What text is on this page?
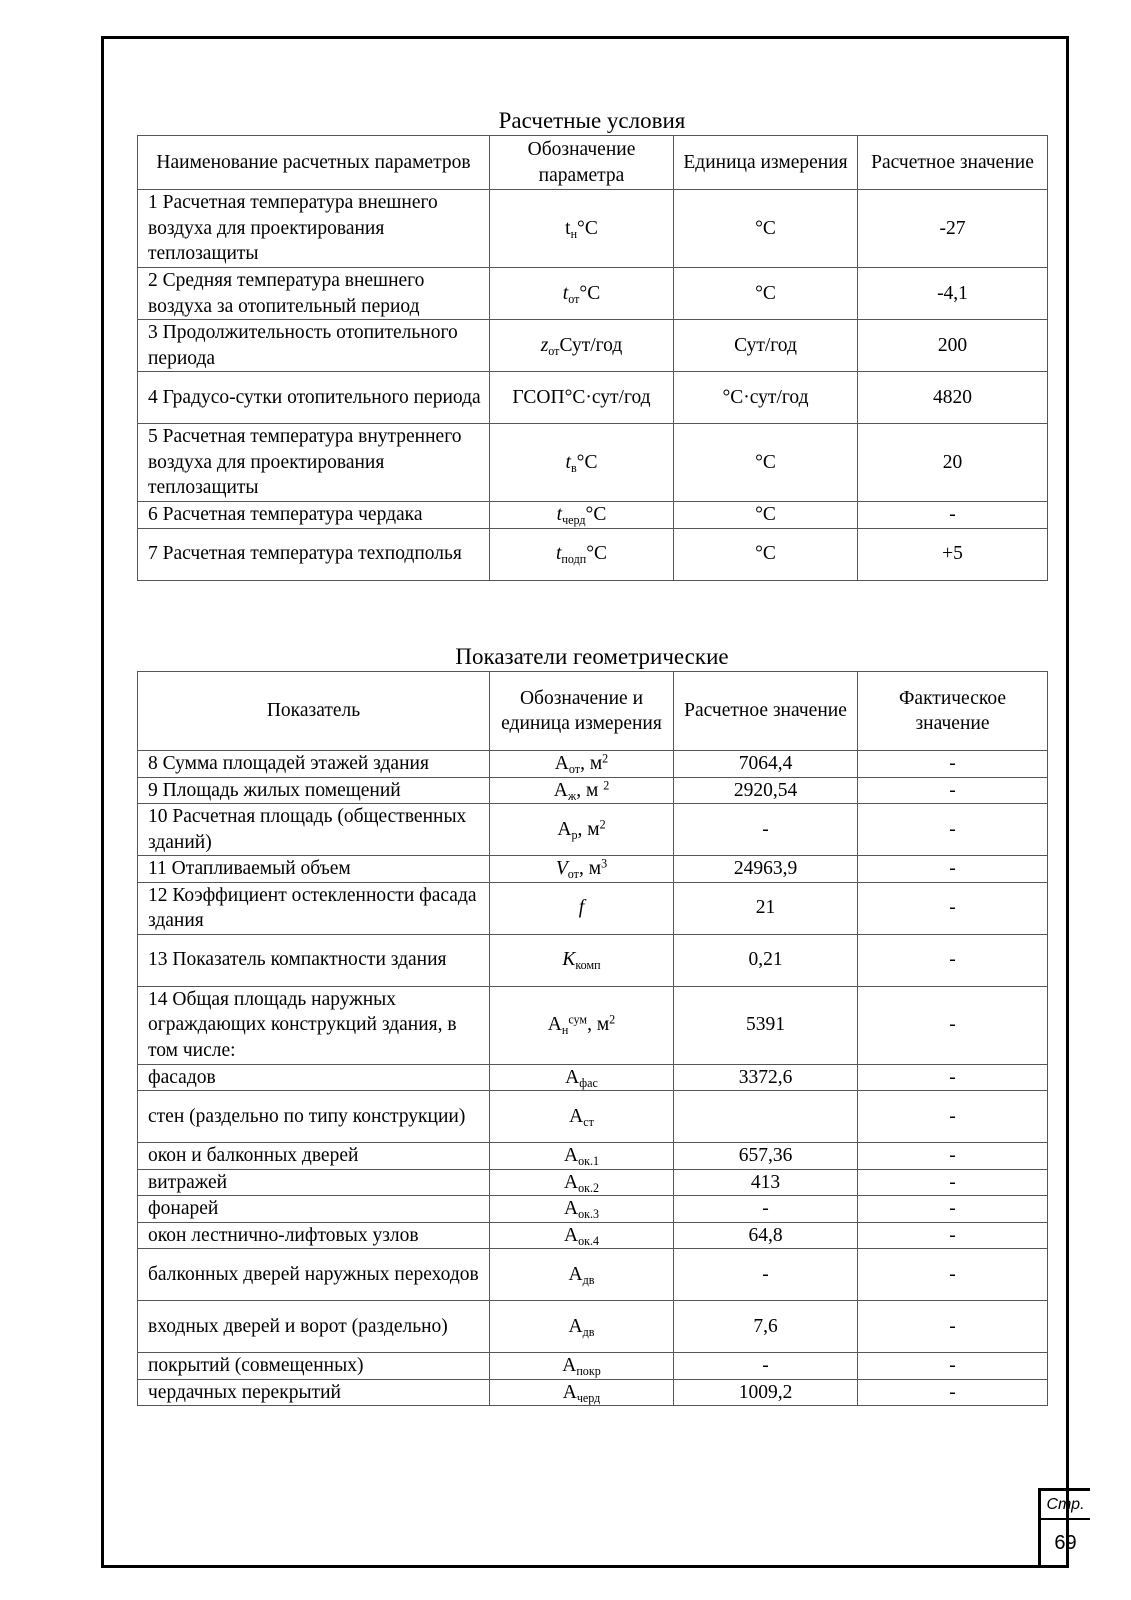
Расчетные условия
Наименование расчетных параметров	Обозначение параметра	Единица измерения	Расчетное значение
1 Расчетная температура внешнего воздуха для проектирования теплозащиты	$t_н^\circ С$	°С	-27
2 Средняя температура внешнего воздуха за отопительный период	$t_{от}^\circ С$	°С	-4,1
3 Продолжительность отопительного периода	$z_{от}Сут$/год	Сут/год	200
4 Градусо-сутки отопительного периода	ГСОП°С·сут/год	°С·сут/год	4820
5 Расчетная температура внутреннего воздуха для проектирования теплозащиты	$t_в^\circ С$	°С	20
6 Расчетная температура чердака	$t_{черд}^\circ С$	°С	-
7 Расчетная температура техподполья	$t_{подп}^\circ С$	°С	+5
Показатели геометрические
Показатель	Обозначение и единица измерения	Расчетное значение	Фактическое значение
8 Сумма площадей этажей здания	$А_{от}$, $м^2$	7064,4	-
9 Площадь жилых помещений	$А_ж$, м $^2$	2920,54	-
10 Расчетная площадь (общественных зданий)	$А_р$, $м^2$	-	-
11 Отапливаемый объем	$V_{от}$, $м^3$	24963,9	-
12 Коэффициент остекленности фасада здания	f	21	-
13 Показатель компактности здания	$K_{комп}$	0,21	-
14 Общая площадь наружных ограждающих конструкций здания, в том числе:	$А_н^{сум}$, $м^2$	5391	-
фасадов	$А_{фас}$	3372,6	-
стен (раздельно по типу конструкции)	$А_{ст}$		-
окон и балконных дверей	$А_{ок.1}$	657,36	-
витражей	$А_{ок.2}$	413	-
фонарей	$А_{ок.3}$	-	-
окон лестнично-лифтовых узлов	$А_{ок.4}$	64,8	-
балконных дверей наружных переходов	$А_{дв}$	-	-
входных дверей и ворот (раздельно)	$А_{дв}$	7,6	-
покрытий (совмещенных)	$А_{покр}$	-	-
чердачных перекрытий	$А_{черд}$	1009,2	-
Стр.
69
